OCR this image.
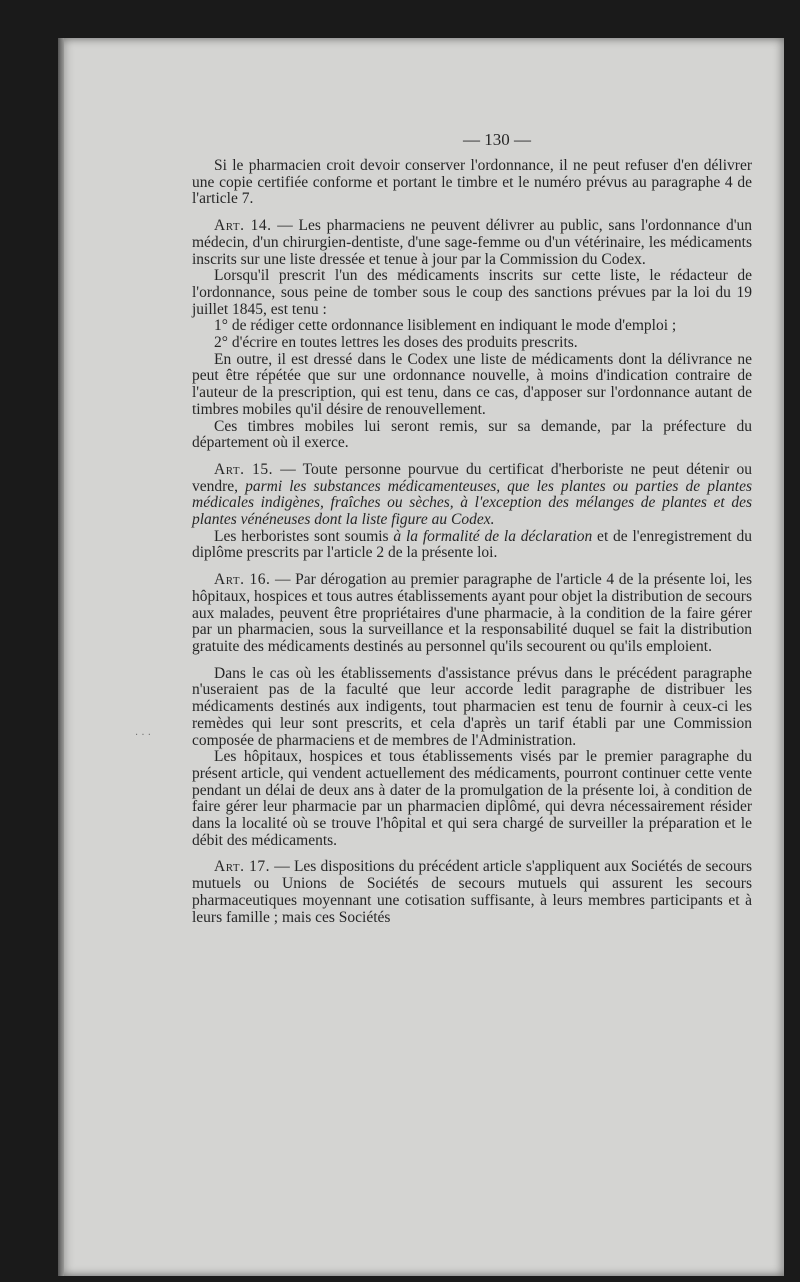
· · ·
— 130 —

Si le pharmacien croit devoir conserver l'ordonnance, il ne peut refuser d'en délivrer une copie certifiée conforme et portant le timbre et le numéro prévus au paragraphe 4 de l'article 7.

Art. 14. — Les pharmaciens ne peuvent délivrer au public, sans l'ordonnance d'un médecin, d'un chirurgien-dentiste, d'une sage-femme ou d'un vétérinaire, les médicaments inscrits sur une liste dressée et tenue à jour par la Commission du Codex.

Lorsqu'il prescrit l'un des médicaments inscrits sur cette liste, le rédacteur de l'ordonnance, sous peine de tomber sous le coup des sanctions prévues par la loi du 19 juillet 1845, est tenu :

1° de rédiger cette ordonnance lisiblement en indiquant le mode d'emploi ;

2° d'écrire en toutes lettres les doses des produits prescrits.

En outre, il est dressé dans le Codex une liste de médicaments dont la délivrance ne peut être répétée que sur une ordonnance nouvelle, à moins d'indication contraire de l'auteur de la prescription, qui est tenu, dans ce cas, d'apposer sur l'ordonnance autant de timbres mobiles qu'il désire de renouvellement.

Ces timbres mobiles lui seront remis, sur sa demande, par la préfecture du département où il exerce.

Art. 15. — Toute personne pourvue du certificat d'herboriste ne peut détenir ou vendre, parmi les substances médicamenteuses, que les plantes ou parties de plantes médicales indigènes, fraîches ou sèches, à l'exception des mélanges de plantes et des plantes vénéneuses dont la liste figure au Codex.

Les herboristes sont soumis à la formalité de la déclaration et de l'enregistrement du diplôme prescrits par l'article 2 de la présente loi.

Art. 16. — Par dérogation au premier paragraphe de l'article 4 de la présente loi, les hôpitaux, hospices et tous autres établissements ayant pour objet la distribution de secours aux malades, peuvent être propriétaires d'une pharmacie, à la condition de la faire gérer par un pharmacien, sous la surveillance et la responsabilité duquel se fait la distribution gratuite des médicaments destinés au personnel qu'ils secourent ou qu'ils emploient.

Dans le cas où les établissements d'assistance prévus dans le précédent paragraphe n'useraient pas de la faculté que leur accorde ledit paragraphe de distribuer les médicaments destinés aux indigents, tout pharmacien est tenu de fournir à ceux-ci les remèdes qui leur sont prescrits, et cela d'après un tarif établi par une Commission composée de pharmaciens et de membres de l'Administration.

Les hôpitaux, hospices et tous établissements visés par le premier paragraphe du présent article, qui vendent actuellement des médicaments, pourront continuer cette vente pendant un délai de deux ans à dater de la promulgation de la présente loi, à condition de faire gérer leur pharmacie par un pharmacien diplômé, qui devra nécessairement résider dans la localité où se trouve l'hôpital et qui sera chargé de surveiller la préparation et le débit des médicaments.

Art. 17. — Les dispositions du précédent article s'appliquent aux Sociétés de secours mutuels ou Unions de Sociétés de secours mutuels qui assurent les secours pharmaceutiques moyennant une cotisation suffisante, à leurs membres participants et à leurs famille ; mais ces Sociétés
